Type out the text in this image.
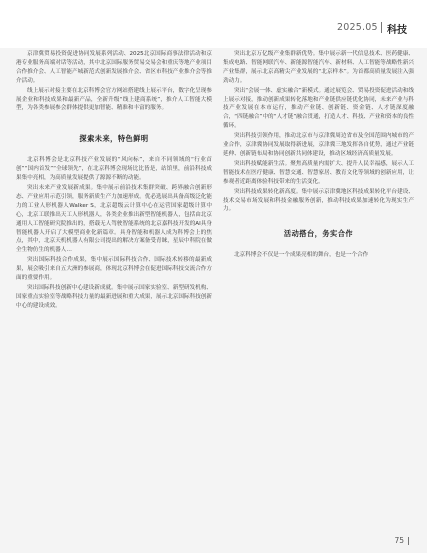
2025.05 科技

京津冀贸易投资促进协同发展系列活动、2025北京国际商事法律活动和京港专业服务高端对话等活动，其中北京国际服务贸易交易会和重庆等地产业项目合作推介会、人工智能产城新范式创新发展推介会、省区市科技产业推介会等推介活动。

线上展示对接主要在北京科博会官方网站搭建线上展示平台，数字化呈现参展企业和科技成果和最新产品，全新升级“线上建商系统”，推介人工智能大模型，为各类参展参会群体提供更加智能、精准和丰富的服务。

探索未来，特色鲜明

北京科博会是北京科技产业发展的“风向标”，来自不同领域的“行业首创”“国内首发”“全球领先”，在北京科博会现场比比皆是，站馆里，前沿科技成果集中亮相，为高质量发展提供了源源不断的动能。

突出未来产业发展新成果。集中展示前沿技术集群突破、跨界融合创新形态、产业应用示范引领，服务新质生产力加速形成。优必选展出具备高级泛化能力的工业人形机器人Walker S，北京超级云计算中心在运营国家超级计算中心，北京工联推出天工人形机器人，各类企业推出新型智能机器人，包括由北京通用人工智能研究院推出的，搭载无人驾驶智能系统的北京嘉科技开发的AI具身智能机器人开启了大模型商业化新篇章。具身智能和机器人成为科博会上的焦点，其中，北京天机机器人有限公司提出的解决方案备受青睐，星辰中科院在做全生物仿生的机器人…

突出国际科技合作成果，集中展示国际科技合作、国际技术转移的最新成果，展会吸引来自五大洲的参展商，体现北京科博会在促进国际科技交流合作方面的重要作用。

突出国际科技创新中心建设新成就。集中展示国家实验室、新型研发机构、国家重点实验室等战略科技力量的最新进展和重大成果，展示北京国际科技创新中心的建设成效。

突出北京万亿级产业集群新优势。集中展示新一代信息技术、医药健康、集成电路、智能网联汽车、新能源智能汽车、新材料、人工智能等战略性新兴产业集群，展示北京高精尖产业发展的“北京样本”。为首都高质量发展注入强劲动力。

突出“会展一体、虚实融合”新模式。通过展览会、贸易投资促进活动和线上展示对接，推动创新成果转化落地和产业链供应链优化协同，未来产业与科技产业发展在本市运行，推动产业链、创新链、资金链、人才链深度融合，“四链融合”中的“人才链”融合贯通，打造人才、科技、产业和资本的良性循环。

突出科技引领作用，推动北京市与京津冀周边省市及全国范围内城市的产业合作，京津冀协同发展取得新进展，京津冀三地发挥各自优势，通过产业链延伸、创新链布局和协同创新共同体建设，推动区域经济高质量发展。

突出科技赋能新生活。聚焦高质量内需扩大、提升人民幸福感，展示人工智能技术在医疗健康、智慧交通、智慧家居、教育文化等领域的创新应用，让参观者近距离体验科技带来的生活变化。

突出科技成果转化新高度。集中展示京津冀地区科技成果转化平台建设、技术交易市场发展和科技金融服务创新，推动科技成果加速转化为现实生产力。

活动搭台，务实合作

北京科博会不仅是一个成果亮相的舞台，也是一个合作

75
